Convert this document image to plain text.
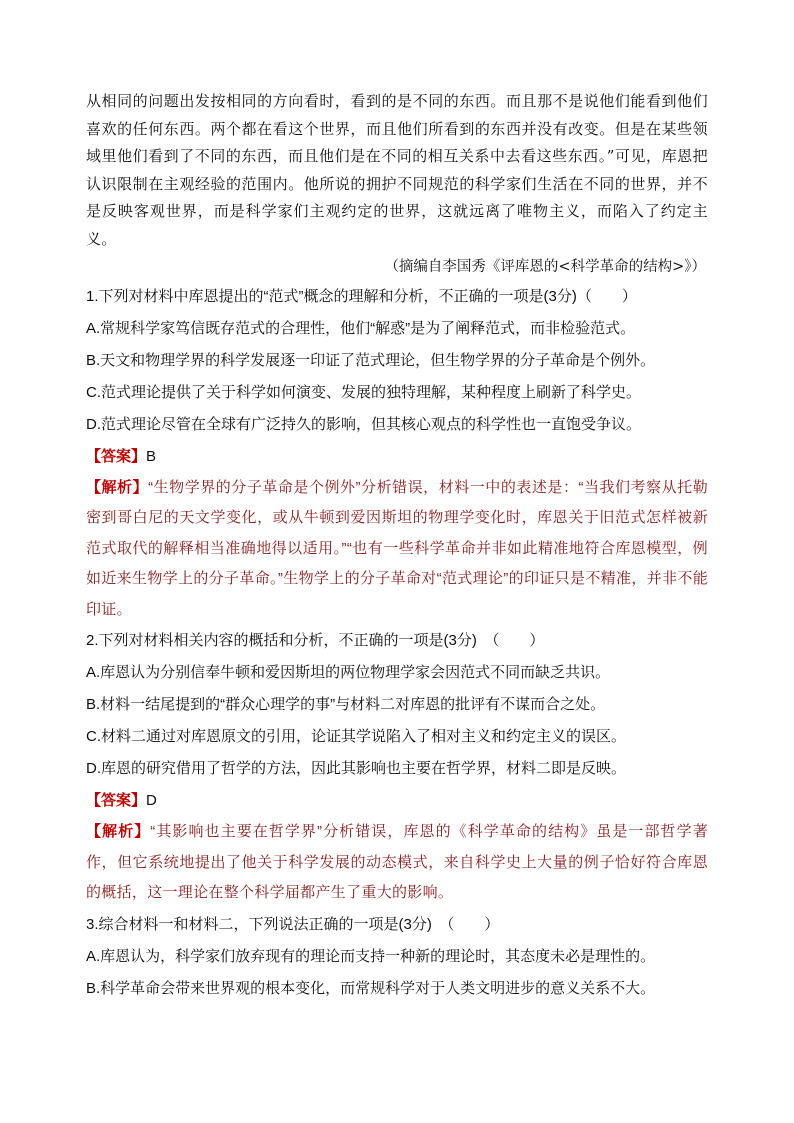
从相同的问题出发按相同的方向看时，看到的是不同的东西。而且那不是说他们能看到他们喜欢的任何东西。两个都在看这个世界，而且他们所看到的东西并没有改变。但是在某些领域里他们看到了不同的东西，而且他们是在不同的相互关系中去看这些东西。”可见，库恩把认识限制在主观经验的范围内。他所说的拥护不同规范的科学家们生活在不同的世界，并不是反映客观世界，而是科学家们主观约定的世界，这就远离了唯物主义，而陷入了约定主义。

（摘编自李国秀《评库恩的<科学革命的结构>》）

1.下列对材料中库恩提出的“范式”概念的理解和分析，不正确的一项是(3分)（　　）

A.常规科学家笃信既存范式的合理性，他们“解惑”是为了阐释范式，而非检验范式。

B.天文和物理学界的科学发展逐一印证了范式理论，但生物学界的分子革命是个例外。

C.范式理论提供了关于科学如何演变、发展的独特理解，某种程度上刷新了科学史。

D.范式理论尽管在全球有广泛持久的影响，但其核心观点的科学性也一直饱受争议。

【答案】B

【解析】“生物学界的分子革命是个例外”分析错误，材料一中的表述是：“当我们考察从托勒密到哥白尼的天文学变化，或从牛顿到爱因斯坦的物理学变化时，库恩关于旧范式怎样被新范式取代的解释相当准确地得以适用。”“也有一些科学革命并非如此精准地符合库恩模型，例如近来生物学上的分子革命。”生物学上的分子革命对“范式理论”的印证只是不精准，并非不能印证。

2.下列对材料相关内容的概括和分析，不正确的一项是(3分)　（　　）

A.库恩认为分别信奉牛顿和爱因斯坦的两位物理学家会因范式不同而缺乏共识。

B.材料一结尾提到的“群众心理学的事”与材料二对库恩的批评有不谋而合之处。

C.材料二通过对库恩原文的引用，论证其学说陷入了相对主义和约定主义的误区。

D.库恩的研究借用了哲学的方法，因此其影响也主要在哲学界，材料二即是反映。

【答案】D

【解析】“其影响也主要在哲学界”分析错误，库恩的《科学革命的结构》虽是一部哲学著作，但它系统地提出了他关于科学发展的动态模式，来自科学史上大量的例子恰好符合库恩的概括，这一理论在整个科学届都产生了重大的影响。

3.综合材料一和材料二，下列说法正确的一项是(3分)　（　　）

A.库恩认为，科学家们放弃现有的理论而支持一种新的理论时，其态度未必是理性的。

B.科学革命会带来世界观的根本变化，而常规科学对于人类文明进步的意义关系不大。
